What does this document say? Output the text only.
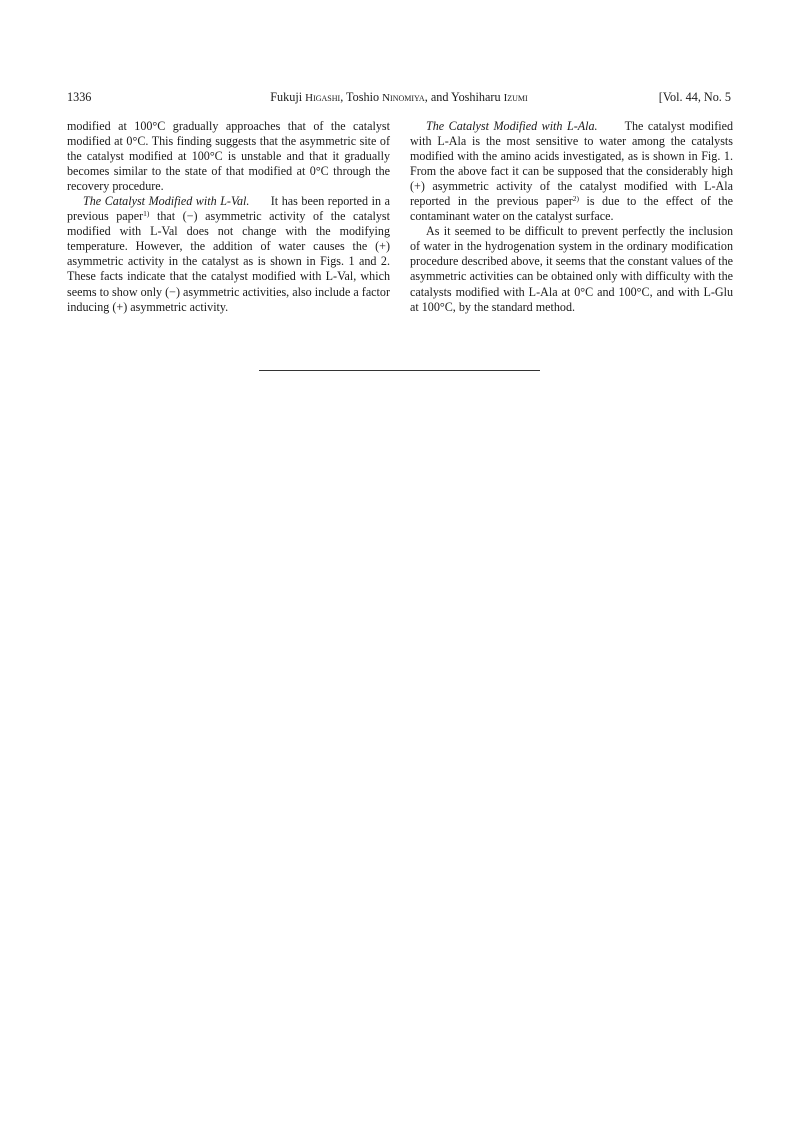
1336	Fukuji Higashi, Toshio Ninomiya, and Yoshiharu Izumi	[Vol. 44, No. 5

modified at 100°C gradually approaches that of the catalyst modified at 0°C. This finding suggests that the asymmetric site of the catalyst modified at 100°C is unstable and that it gradually becomes similar to the state of that modified at 0°C through the recovery procedure.

The Catalyst Modified with L-Val. It has been reported in a previous paper$^{1)}$ that (−) asymmetric activity of the catalyst modified with L-Val does not change with the modifying temperature. However, the addition of water causes the (+) asymmetric activity in the catalyst as is shown in Figs. 1 and 2. These facts indicate that the catalyst modified with L-Val, which seems to show only (−) asymmetric activities, also include a factor inducing (+) asymmetric activity.

The Catalyst Modified with L-Ala. The catalyst modified with L-Ala is the most sensitive to water among the catalysts modified with the amino acids investigated, as is shown in Fig. 1. From the above fact it can be supposed that the considerably high (+) asymmetric activity of the catalyst modified with L-Ala reported in the previous paper$^{2)}$ is due to the effect of the contaminant water on the catalyst surface.

As it seemed to be difficult to prevent perfectly the inclusion of water in the hydrogenation system in the ordinary modification procedure described above, it seems that the constant values of the asymmetric activities can be obtained only with difficulty with the catalysts modified with L-Ala at 0°C and 100°C, and with L-Glu at 100°C, by the standard method.
